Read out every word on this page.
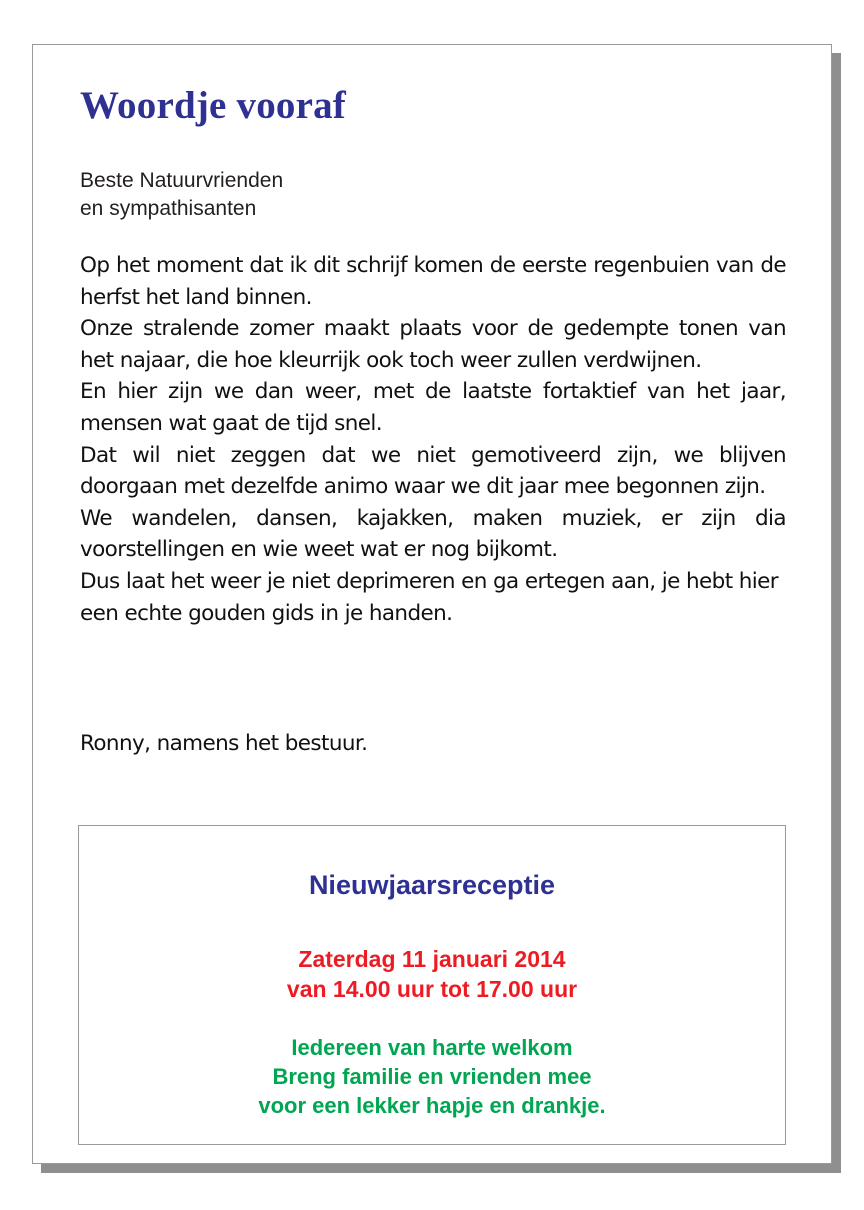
Woordje vooraf
Beste Natuurvrienden
en sympathisanten

Op het moment dat ik dit schrijf komen de eerste regenbuien van de herfst het land binnen.

Onze stralende zomer maakt plaats voor de gedempte tonen van het najaar, die hoe kleurrijk ook toch weer zullen verdwijnen.

En hier zijn we dan weer, met de laatste fortaktief van het jaar, mensen wat gaat de tijd snel.

Dat wil niet zeggen dat we niet gemotiveerd zijn, we blijven doorgaan met dezelfde animo waar we dit jaar mee begonnen zijn.

We wandelen, dansen, kajakken, maken muziek, er zijn dia voorstellingen en wie weet wat er nog bijkomt.

Dus laat het weer je niet deprimeren en ga ertegen aan, je hebt hier een echte gouden gids in je handen.

Ronny, namens het bestuur.
Nieuwjaarsreceptie
Zaterdag 11 januari 2014
van 14.00 uur tot 17.00 uur
Iedereen van harte welkom
Breng familie en vrienden mee
voor een lekker hapje en drankje.
